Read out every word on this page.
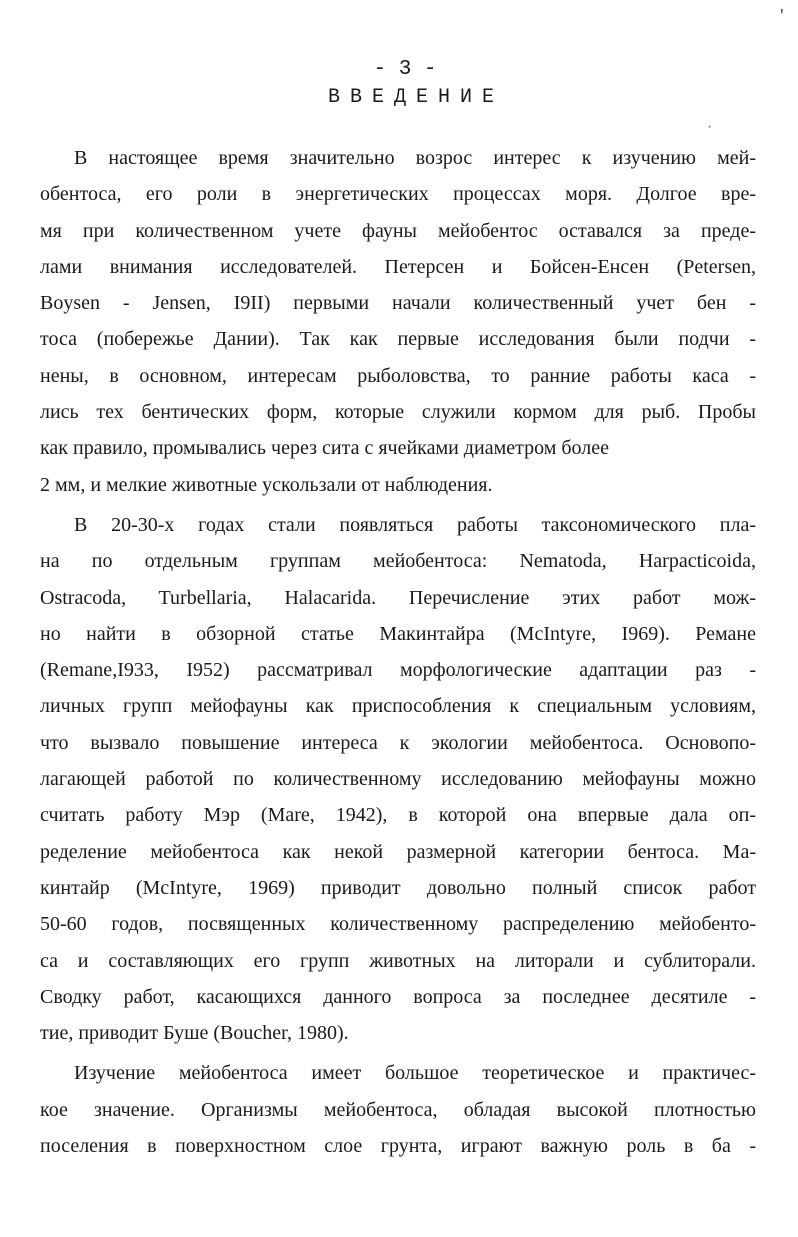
'
- 3 -
ВВЕДЕНИЕ
·
В настоящее время значительно возрос интерес к изучению мей-
обентоса, его роли в энергетических процессах моря. Долгое вре-
мя при количественном учете фауны мейобентос оставался за преде-
лами внимания исследователей. Петерсен и Бойсен-Енсен (Petersen,
Boysen - Jensen, I9II) первыми начали количественный учет бен -
тоса (побережье Дании). Так как первые исследования были подчи -
нены, в основном, интересам рыболовства, то ранние работы каса -
лись тех бентических форм, которые служили кормом для рыб. Пробы
как правило, промывались через сита с ячейками диаметром более
2 мм, и мелкие животные ускользали от наблюдения.
В 20-30-х годах стали появляться работы таксономического пла-
на по отдельным группам мейобентоса: Nematoda, Harpacticoida,
Ostracoda, Turbellaria, Halacarida. Перечисление этих работ мож-
но найти в обзорной статье Макинтайра (McIntyre, I969). Ремане
(Remane,I933, I952) рассматривал морфологические адаптации раз -
личных групп мейофауны как приспособления к специальным условиям,
что вызвало повышение интереса к экологии мейобентоса. Основопо-
лагающей работой по количественному исследованию мейофауны можно
считать работу Мэр (Mare, 1942), в которой она впервые дала оп-
ределение мейобентоса как некой размерной категории бентоса. Ма-
кинтайр (McIntyre, 1969) приводит довольно полный список работ
50-60 годов, посвященных количественному распределению мейобенто-
са и составляющих его групп животных на литорали и сублиторали.
Сводку работ, касающихся данного вопроса за последнее десятиле -
тие, приводит Буше (Boucher, 1980).
Изучение мейобентоса имеет большое теоретическое и практичес-
кое значение. Организмы мейобентоса, обладая высокой плотностью
поселения в поверхностном слое грунта, играют важную роль в ба -
